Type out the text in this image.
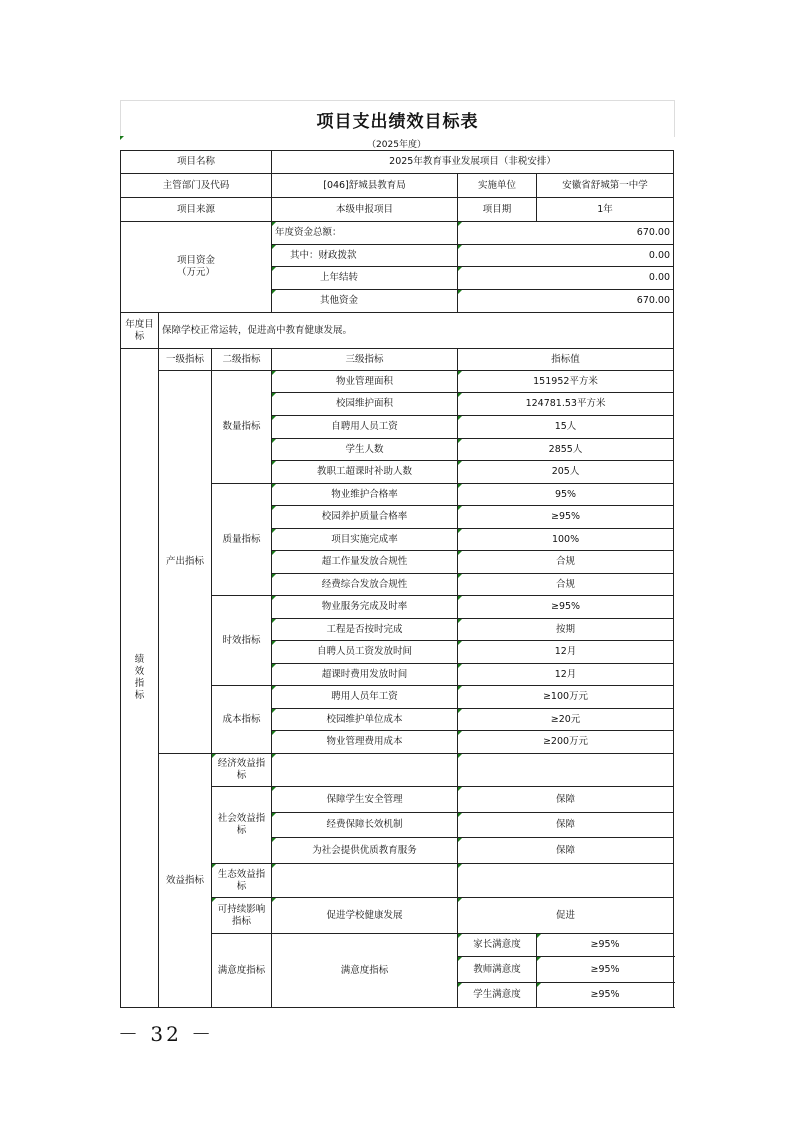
项目支出绩效目标表
（2025年度）
项目名称			2025年教育事业发展项目（非税安排）		
主管部门及代码			[046]舒城县教育局	实施单位	安徽省舒城第一中学
项目来源			本级申报项目	项目期	1年

项目资金
（万元）			年度资金总额：	670.00	
			其中：财政拨款	0.00	
			上年结转	0.00	
			其他资金	670.00	
年度目标	保障学校正常运转，促进高中教育健康发展。				
绩效指标	一级指标	二级指标	三级指标	指标值	
	产出指标	数量指标	物业管理面积	151952平方米	
			校园维护面积	124781.53平方米	
			自聘用人员工资	15人	
			学生人数	2855人	
			教职工超课时补助人数	205人	
		质量指标	物业维护合格率	95%	
			校园养护质量合格率	≥95%	
			项目实施完成率	100%	
			超工作量发放合规性	合规	
			经费综合发放合规性	合规	
		时效指标	物业服务完成及时率	≥95%	
			工程是否按时完成	按期	
			自聘人员工资发放时间	12月	
			超课时费用发放时间	12月	
		成本指标	聘用人员年工资	≥100万元	
			校园维护单位成本	≥20元	
			物业管理费用成本	≥200万元	
	效益指标	经济效益指标			
		社会效益指标	保障学生安全管理	保障	
			经费保障长效机制	保障	
			为社会提供优质教育服务	保障	
		生态效益指标			
		可持续影响指标	促进学校健康发展	促进	
		满意度指标	满意度指标	家长满意度	≥95%
				教师满意度	≥95%
				学生满意度	≥95%
－ 32 －
